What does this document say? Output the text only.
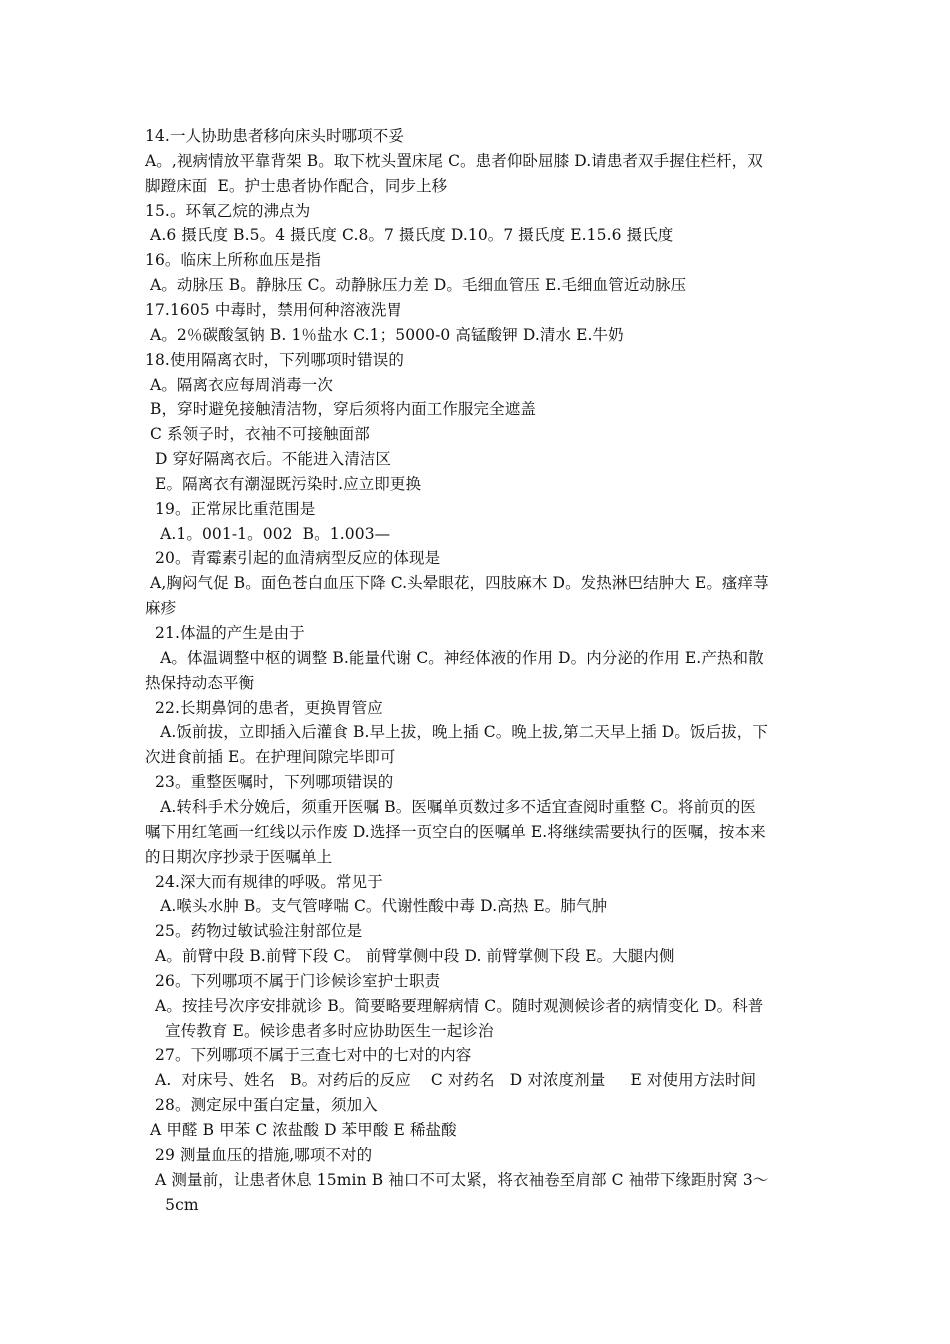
14.一人协助患者移向床头时哪项不妥
A。,视病情放平靠背架 B。取下枕头置床尾 C。患者仰卧屈膝 D.请患者双手握住栏杆，双
脚蹬床面  E。护士患者协作配合，同步上移
15.。环氧乙烷的沸点为
A.6 摄氏度 B.5。4 摄氏度 C.8。7 摄氏度 D.10。7 摄氏度 E.15.6 摄氏度
16。临床上所称血压是指
A。动脉压 B。静脉压 C。动静脉压力差 D。毛细血管压 E.毛细血管近动脉压
17.1605 中毒时，禁用何种溶液洗胃
A。2％碳酸氢钠 B. 1％盐水 C.1；5000-0 高锰酸钾 D.清水 E.牛奶
18.使用隔离衣时，下列哪项时错误的
A。隔离衣应每周消毒一次
B，穿时避免接触清洁物，穿后须将内面工作服完全遮盖
C 系领子时，衣袖不可接触面部
D 穿好隔离衣后。不能进入清洁区
E。隔离衣有潮湿既污染时.应立即更换
19。正常尿比重范围是
A.1。001-1。002  B。1.003—
20。青霉素引起的血清病型反应的体现是
A,胸闷气促 B。面色苍白血压下降 C.头晕眼花，四肢麻木 D。发热淋巴结肿大 E。瘙痒荨
麻疹
21.体温的产生是由于
A。体温调整中枢的调整 B.能量代谢 C。神经体液的作用 D。内分泌的作用 E.产热和散
热保持动态平衡
22.长期鼻饲的患者，更换胃管应
A.饭前拔，立即插入后灌食 B.早上拔，晚上插 C。晚上拔,第二天早上插 D。饭后拔，下
次进食前插 E。在护理间隙完毕即可
23。重整医嘱时，下列哪项错误的
A.转科手术分娩后，须重开医嘱 B。医嘱单页数过多不适宜查阅时重整 C。将前页的医
嘱下用红笔画一红线以示作废 D.选择一页空白的医嘱单 E.将继续需要执行的医嘱，按本来
的日期次序抄录于医嘱单上
24.深大而有规律的呼吸。常见于
A.喉头水肿 B。支气管哮喘 C。代谢性酸中毒 D.高热 E。肺气肿
25。药物过敏试验注射部位是
A。前臂中段 B.前臂下段 C。 前臂掌侧中段 D. 前臂掌侧下段 E。大腿内侧
26。下列哪项不属于门诊候诊室护士职责
A。按挂号次序安排就诊 B。简要略要理解病情 C。随时观测候诊者的病情变化 D。科普
宣传教育 E。候诊患者多时应协助医生一起诊治
27。下列哪项不属于三查七对中的七对的内容
A.  对床号、姓名   B。对药后的反应    C 对药名   D 对浓度剂量     E 对使用方法时间
28。测定尿中蛋白定量，须加入
A 甲醛 B 甲苯 C 浓盐酸 D 苯甲酸 E 稀盐酸
29 测量血压的措施,哪项不对的
A 测量前，让患者休息 15min B 袖口不可太紧，将衣袖卷至肩部 C 袖带下缘距肘窝 3～
5cm
